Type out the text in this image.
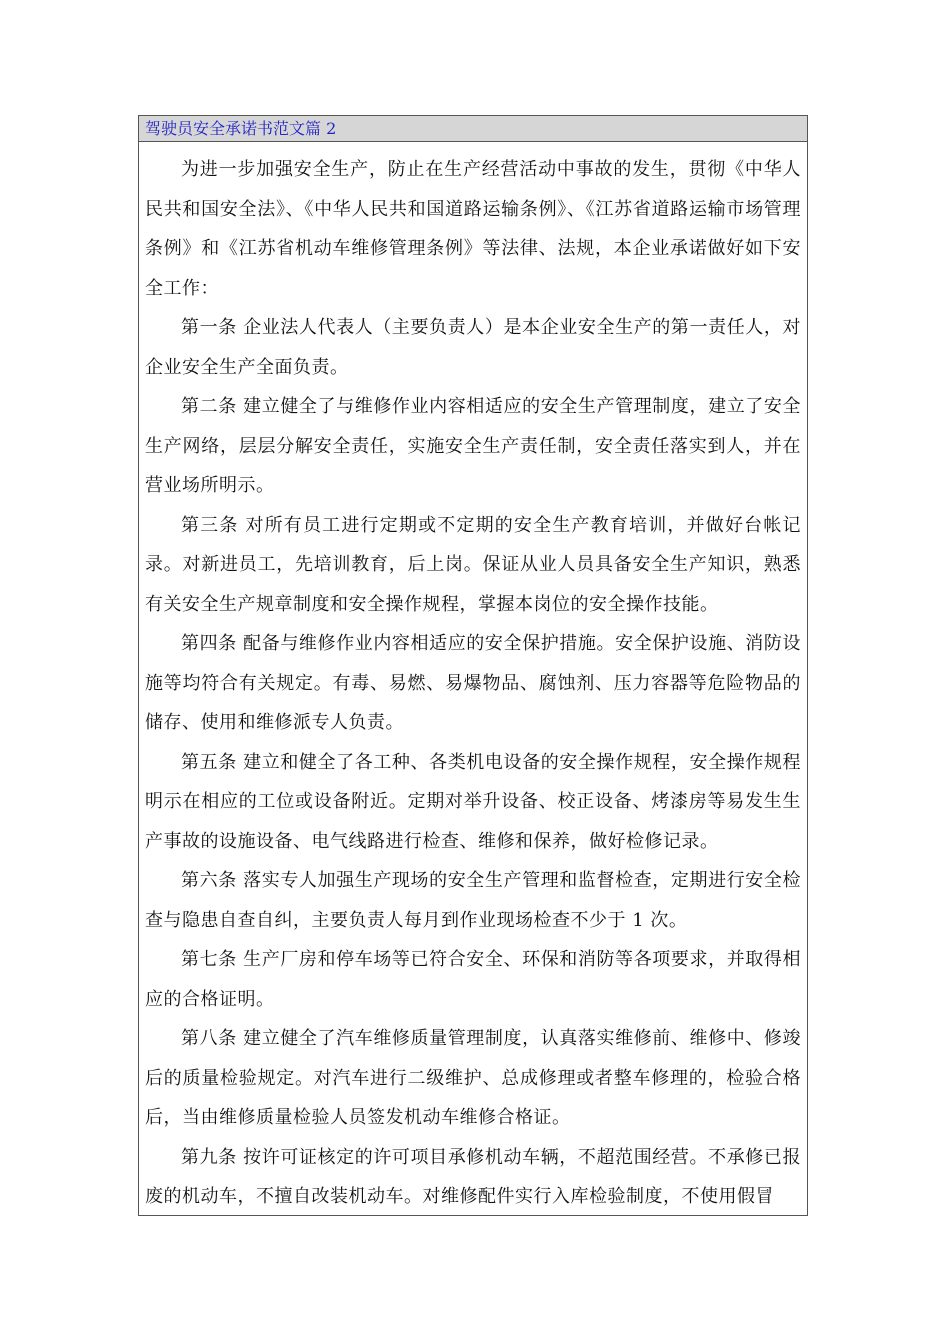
驾驶员安全承诺书范文篇 2

为进一步加强安全生产，防止在生产经营活动中事故的发生，贯彻《中华人民共和国安全法》、《中华人民共和国道路运输条例》、《江苏省道路运输市场管理条例》和《江苏省机动车维修管理条例》等法律、法规，本企业承诺做好如下安全工作：

第一条 企业法人代表人（主要负责人）是本企业安全生产的第一责任人，对企业安全生产全面负责。

第二条 建立健全了与维修作业内容相适应的安全生产管理制度，建立了安全生产网络，层层分解安全责任，实施安全生产责任制，安全责任落实到人，并在营业场所明示。

第三条 对所有员工进行定期或不定期的安全生产教育培训，并做好台帐记录。对新进员工，先培训教育，后上岗。保证从业人员具备安全生产知识，熟悉有关安全生产规章制度和安全操作规程，掌握本岗位的安全操作技能。

第四条 配备与维修作业内容相适应的安全保护措施。安全保护设施、消防设施等均符合有关规定。有毒、易燃、易爆物品、腐蚀剂、压力容器等危险物品的储存、使用和维修派专人负责。

第五条 建立和健全了各工种、各类机电设备的安全操作规程，安全操作规程明示在相应的工位或设备附近。定期对举升设备、校正设备、烤漆房等易发生生产事故的设施设备、电气线路进行检查、维修和保养，做好检修记录。

第六条 落实专人加强生产现场的安全生产管理和监督检查，定期进行安全检查与隐患自查自纠，主要负责人每月到作业现场检查不少于 1 次。

第七条 生产厂房和停车场等已符合安全、环保和消防等各项要求，并取得相应的合格证明。

第八条 建立健全了汽车维修质量管理制度，认真落实维修前、维修中、修竣后的质量检验规定。对汽车进行二级维护、总成修理或者整车修理的，检验合格后，当由维修质量检验人员签发机动车维修合格证。

第九条 按许可证核定的许可项目承修机动车辆，不超范围经营。不承修已报废的机动车，不擅自改装机动车。对维修配件实行入库检验制度，不使用假冒
